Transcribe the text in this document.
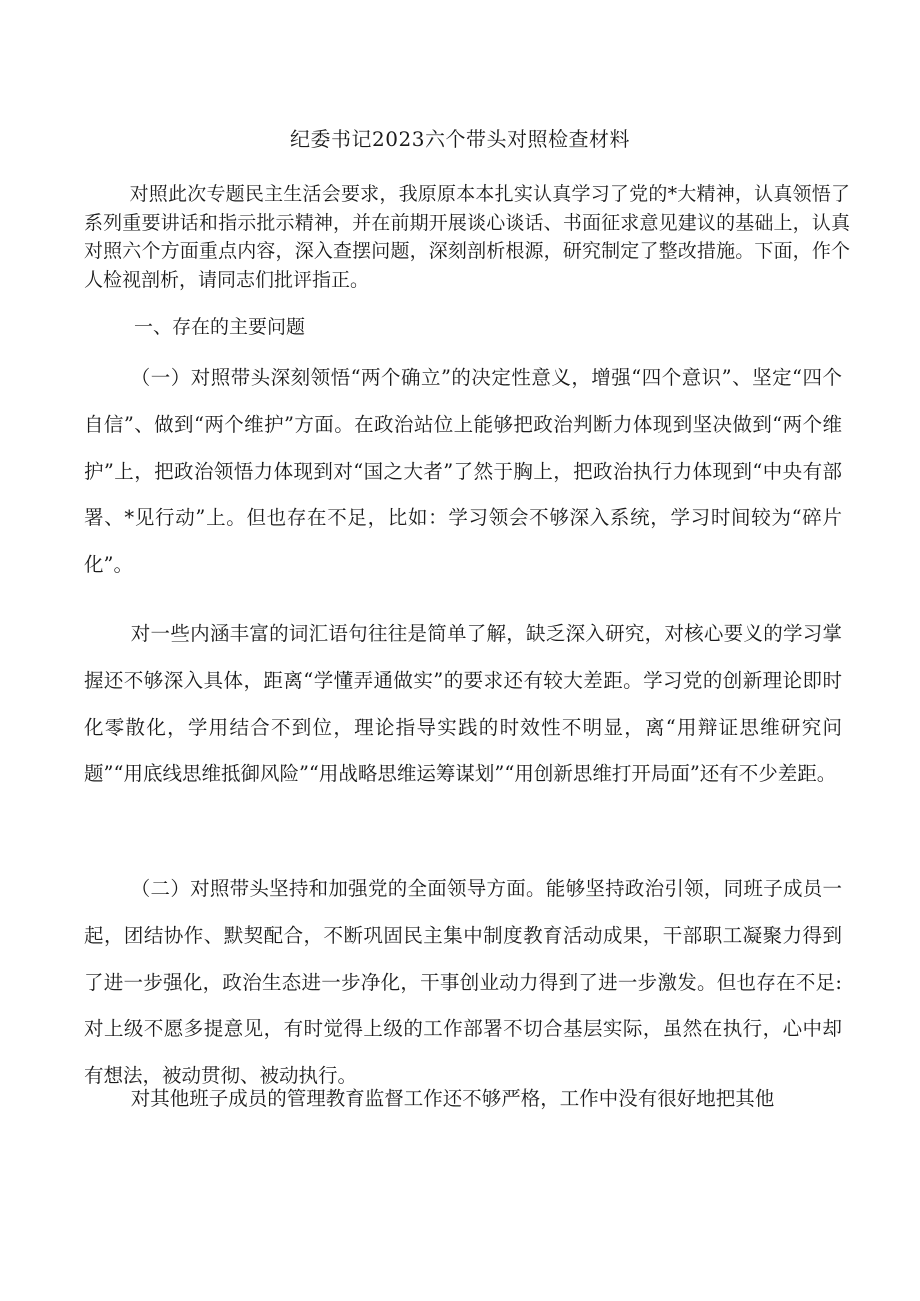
纪委书记2023六个带头对照检查材料

对照此次专题民主生活会要求，我原原本本扎实认真学习了党的*大精神，认真领悟了系列重要讲话和指示批示精神，并在前期开展谈心谈话、书面征求意见建议的基础上，认真对照六个方面重点内容，深入查摆问题，深刻剖析根源，研究制定了整改措施。下面，作个人检视剖析，请同志们批评指正。

一、存在的主要问题

（一）对照带头深刻领悟“两个确立”的决定性意义，增强“四个意识”、坚定“四个自信”、做到“两个维护”方面。在政治站位上能够把政治判断力体现到坚决做到“两个维护”上，把政治领悟力体现到对“国之大者”了然于胸上，把政治执行力体现到“中央有部署、*见行动”上。但也存在不足，比如：学习领会不够深入系统，学习时间较为“碎片化”。

对一些内涵丰富的词汇语句往往是简单了解，缺乏深入研究，对核心要义的学习掌握还不够深入具体，距离“学懂弄通做实”的要求还有较大差距。学习党的创新理论即时化零散化，学用结合不到位，理论指导实践的时效性不明显，离“用辩证思维研究问题”“用底线思维抵御风险”“用战略思维运筹谋划”“用创新思维打开局面”还有不少差距。

（二）对照带头坚持和加强党的全面领导方面。能够坚持政治引领，同班子成员一起，团结协作、默契配合，不断巩固民主集中制度教育活动成果，干部职工凝聚力得到了进一步强化，政治生态进一步净化，干事创业动力得到了进一步激发。但也存在不足:对上级不愿多提意见，有时觉得上级的工作部署不切合基层实际，虽然在执行，心中却有想法，被动贯彻、被动执行。

对其他班子成员的管理教育监督工作还不够严格，工作中没有很好地把其他
